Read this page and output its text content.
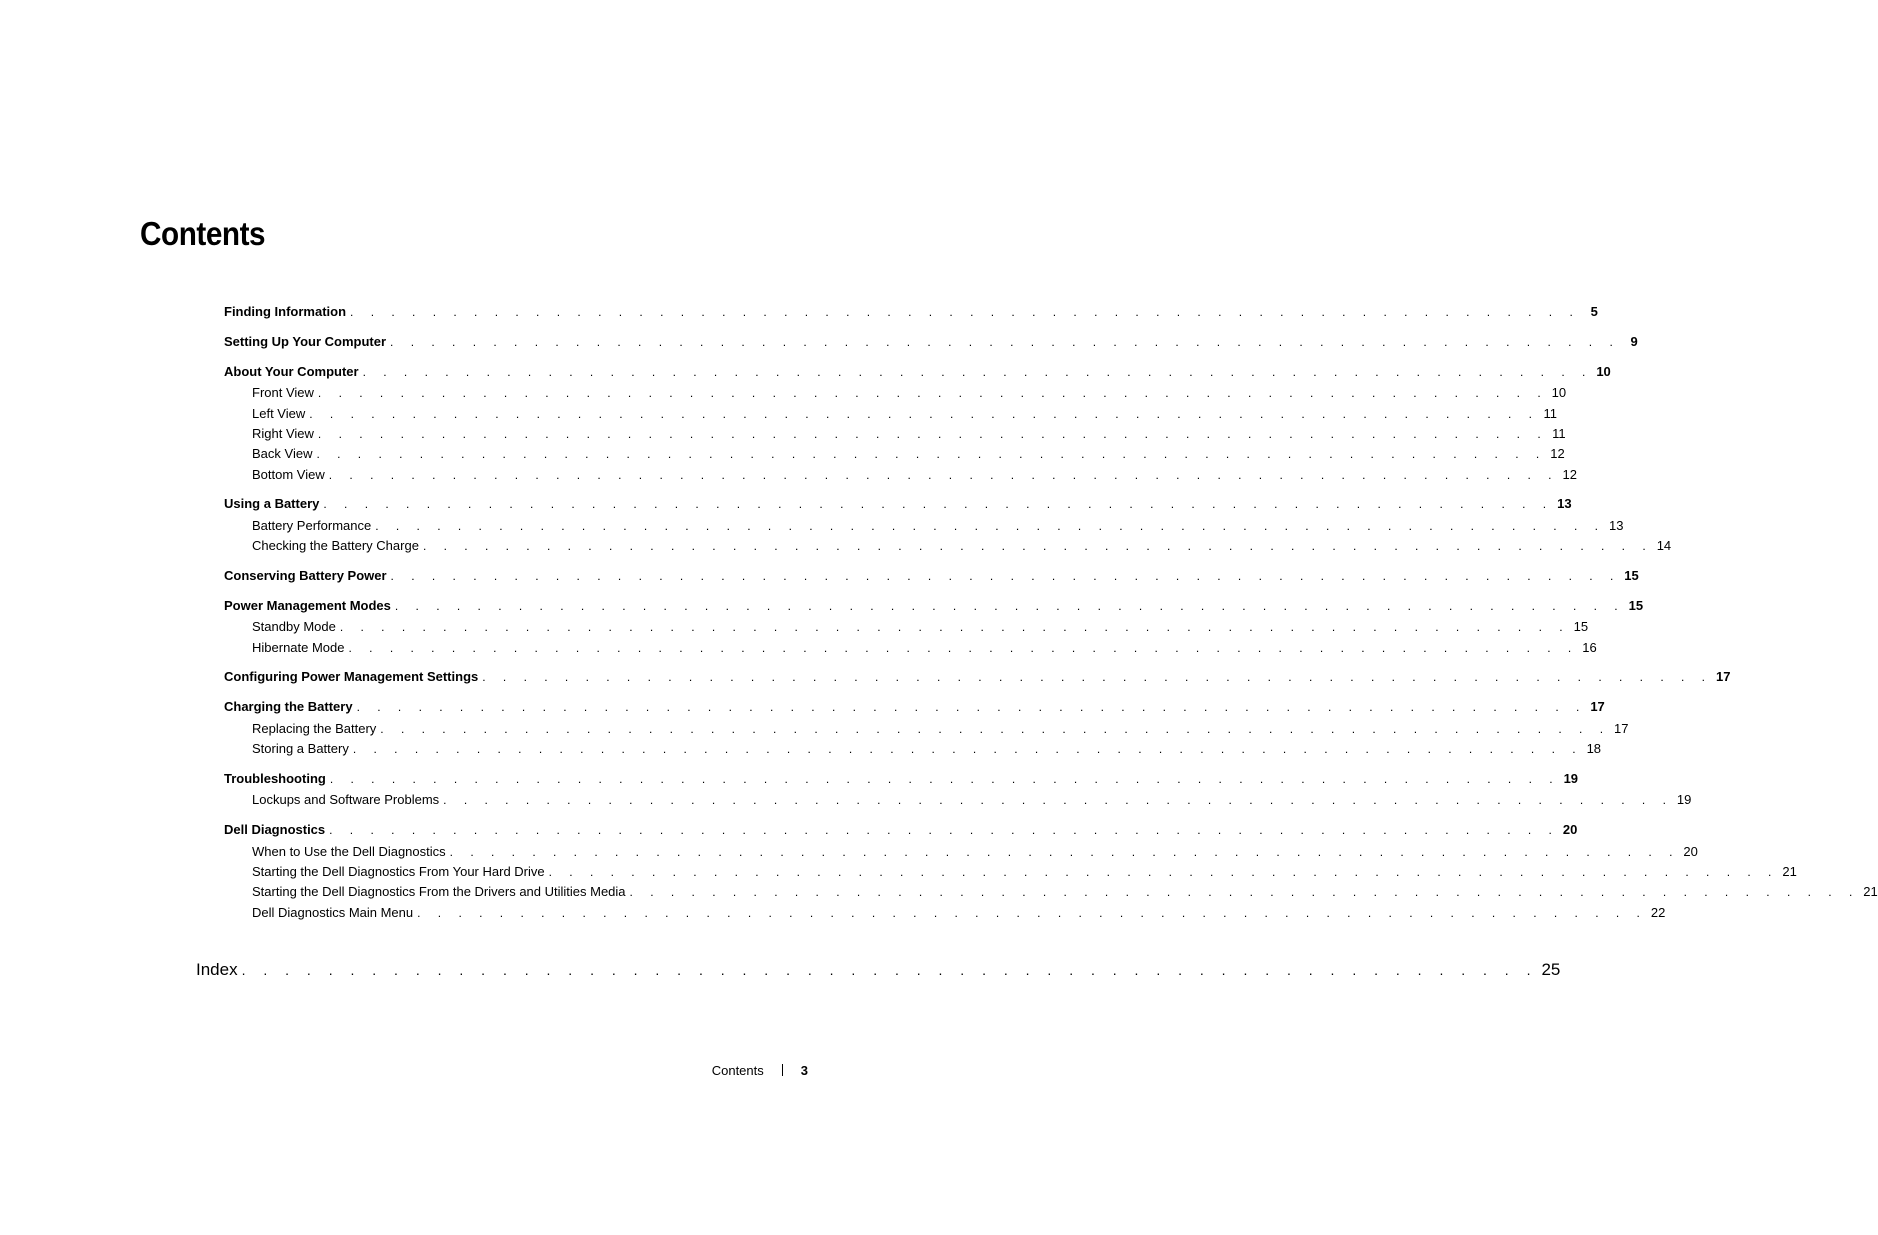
Contents
Finding Information . . . . . . . . . . . . . . . . . . . . . . . . . . . . . . . . . . . . . . . . . . . . . . . . . . . . . . . . . . . . 5
Setting Up Your Computer . . . . . . . . . . . . . . . . . . . . . . . . . . . . . . . . . . . . . . . . . . . . . . . . . . . . . . . . . . . . 9
About Your Computer . . . . . . . . . . . . . . . . . . . . . . . . . . . . . . . . . . . . . . . . . . . . . . . . . . . . . . . . . . . . 10
Front View . . . . . . . . . . . . . . . . . . . . . . . . . . . . . . . . . . . . . . . . . . . . . . . . . . . . . . . . . . . . 10
Left View . . . . . . . . . . . . . . . . . . . . . . . . . . . . . . . . . . . . . . . . . . . . . . . . . . . . . . . . . . . . 11
Right View . . . . . . . . . . . . . . . . . . . . . . . . . . . . . . . . . . . . . . . . . . . . . . . . . . . . . . . . . . . . 11
Back View . . . . . . . . . . . . . . . . . . . . . . . . . . . . . . . . . . . . . . . . . . . . . . . . . . . . . . . . . . . . 12
Bottom View . . . . . . . . . . . . . . . . . . . . . . . . . . . . . . . . . . . . . . . . . . . . . . . . . . . . . . . . . . . . 12
Using a Battery . . . . . . . . . . . . . . . . . . . . . . . . . . . . . . . . . . . . . . . . . . . . . . . . . . . . . . . . . . . . 13
Battery Performance . . . . . . . . . . . . . . . . . . . . . . . . . . . . . . . . . . . . . . . . . . . . . . . . . . . . . . . . . . . . 13
Checking the Battery Charge . . . . . . . . . . . . . . . . . . . . . . . . . . . . . . . . . . . . . . . . . . . . . . . . . . . . . . . . . . . . 14
Conserving Battery Power . . . . . . . . . . . . . . . . . . . . . . . . . . . . . . . . . . . . . . . . . . . . . . . . . . . . . . . . . . . . 15
Power Management Modes . . . . . . . . . . . . . . . . . . . . . . . . . . . . . . . . . . . . . . . . . . . . . . . . . . . . . . . . . . . . 15
Standby Mode . . . . . . . . . . . . . . . . . . . . . . . . . . . . . . . . . . . . . . . . . . . . . . . . . . . . . . . . . . . . 15
Hibernate Mode . . . . . . . . . . . . . . . . . . . . . . . . . . . . . . . . . . . . . . . . . . . . . . . . . . . . . . . . . . . . 16
Configuring Power Management Settings . . . . . . . . . . . . . . . . . . . . . . . . . . . . . . . . . . . . . . . . . . . . . . . . . . . . . . . . . . . . 17
Charging the Battery . . . . . . . . . . . . . . . . . . . . . . . . . . . . . . . . . . . . . . . . . . . . . . . . . . . . . . . . . . . . 17
Replacing the Battery . . . . . . . . . . . . . . . . . . . . . . . . . . . . . . . . . . . . . . . . . . . . . . . . . . . . . . . . . . . . 17
Storing a Battery . . . . . . . . . . . . . . . . . . . . . . . . . . . . . . . . . . . . . . . . . . . . . . . . . . . . . . . . . . . . 18
Troubleshooting . . . . . . . . . . . . . . . . . . . . . . . . . . . . . . . . . . . . . . . . . . . . . . . . . . . . . . . . . . . . 19
Lockups and Software Problems . . . . . . . . . . . . . . . . . . . . . . . . . . . . . . . . . . . . . . . . . . . . . . . . . . . . . . . . . . . . 19
Dell Diagnostics . . . . . . . . . . . . . . . . . . . . . . . . . . . . . . . . . . . . . . . . . . . . . . . . . . . . . . . . . . . . 20
When to Use the Dell Diagnostics . . . . . . . . . . . . . . . . . . . . . . . . . . . . . . . . . . . . . . . . . . . . . . . . . . . . . . . . . . . . 20
Starting the Dell Diagnostics From Your Hard Drive . . . . . . . . . . . . . . . . . . . . . . . . . . . . . . . . . . . . . . . . . . . . . . . . . . . . . . . . . . . . 21
Starting the Dell Diagnostics From the Drivers and Utilities Media . . . . . . . . . . . . . . . . . . . . . . . . . . . . . . . . . . . . . . . . . . . . . . . . . . . . . . . . . . . . 21
Dell Diagnostics Main Menu . . . . . . . . . . . . . . . . . . . . . . . . . . . . . . . . . . . . . . . . . . . . . . . . . . . . . . . . . . . . 22
Index . . . . . . . . . . . . . . . . . . . . . . . . . . . . . . . . . . . . . . . . . . . . . . . . . . . . . . . . . . . . 25
Contents	3
